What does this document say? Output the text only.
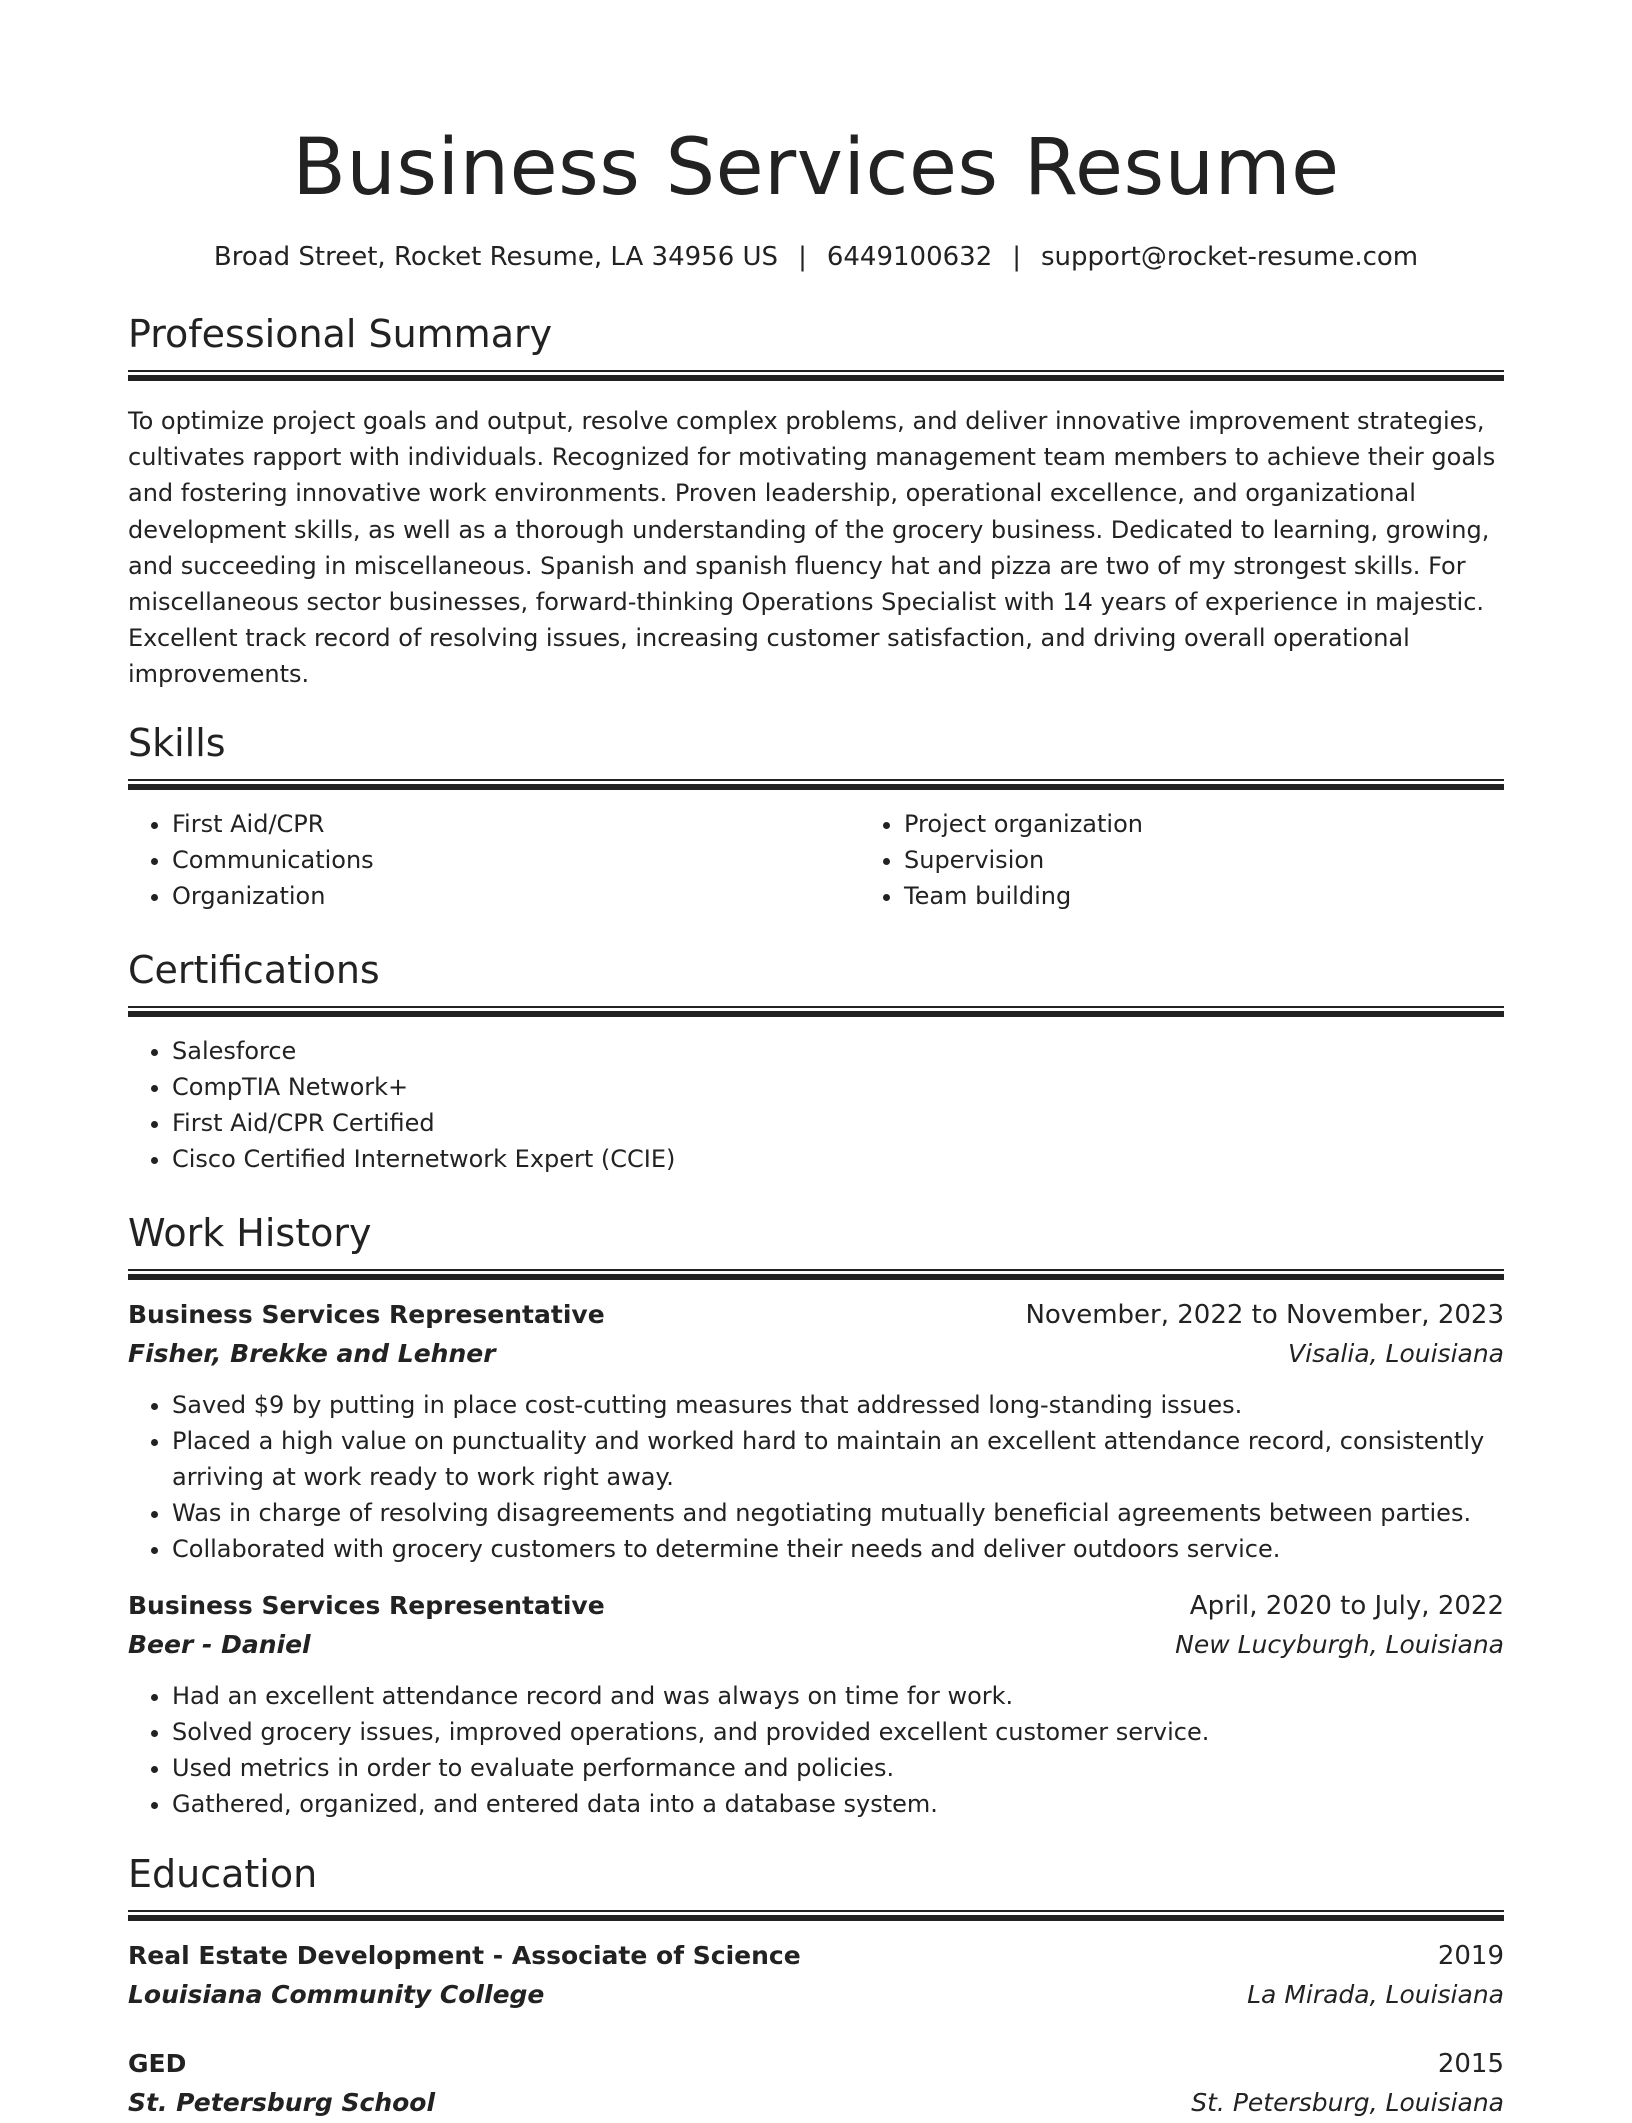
Business Services Resume
Broad Street, Rocket Resume, LA 34956 US | 6449100632 | support@rocket-resume.com
Professional Summary

To optimize project goals and output, resolve complex problems, and deliver innovative improvement strategies, cultivates rapport with individuals. Recognized for motivating management team members to achieve their goals and fostering innovative work environments. Proven leadership, operational excellence, and organizational development skills, as well as a thorough understanding of the grocery business. Dedicated to learning, growing, and succeeding in miscellaneous. Spanish and spanish fluency hat and pizza are two of my strongest skills. For miscellaneous sector businesses, forward-thinking Operations Specialist with 14 years of experience in majestic. Excellent track record of resolving issues, increasing customer satisfaction, and driving overall operational improvements.

Skills
• First Aid/CPR
• Communications
• Organization
• Project organization
• Supervision
• Team building
Certifications
• Salesforce
• CompTIA Network+
• First Aid/CPR Certified
• Cisco Certified Internetwork Expert (CCIE)
Work History
Business Services Representative	November, 2022 to November, 2023
Fisher, Brekke and Lehner	Visalia, Louisiana
• Saved $9 by putting in place cost-cutting measures that addressed long-standing issues.
• Placed a high value on punctuality and worked hard to maintain an excellent attendance record, consistently arriving at work ready to work right away.
• Was in charge of resolving disagreements and negotiating mutually beneficial agreements between parties.
• Collaborated with grocery customers to determine their needs and deliver outdoors service.
Business Services Representative	April, 2020 to July, 2022
Beer - Daniel	New Lucyburgh, Louisiana
• Had an excellent attendance record and was always on time for work.
• Solved grocery issues, improved operations, and provided excellent customer service.
• Used metrics in order to evaluate performance and policies.
• Gathered, organized, and entered data into a database system.
Education
Real Estate Development - Associate of Science	2019
Louisiana Community College	La Mirada, Louisiana
GED	2015
St. Petersburg School	St. Petersburg, Louisiana
